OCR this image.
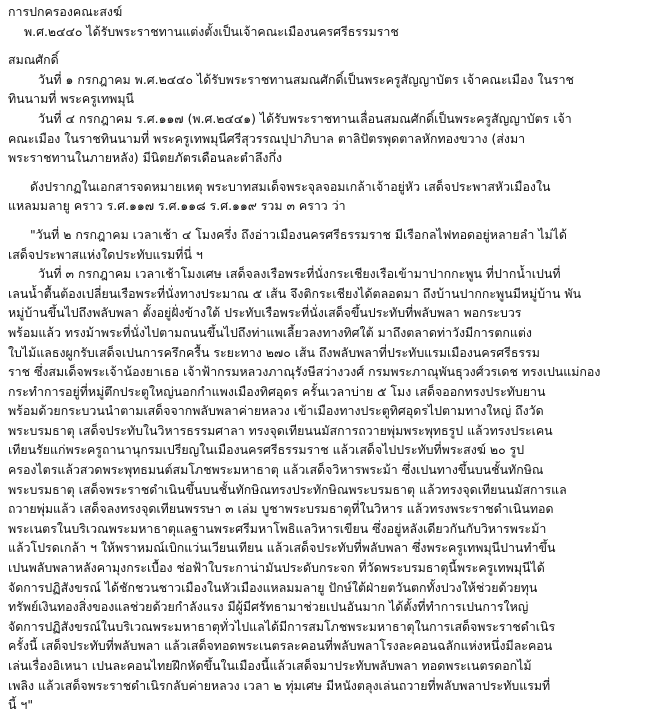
การปกครองคณะสงฆ์
พ.ศ.๒๔๔๐ ได้รับพระราชทานแต่งตั้งเป็นเจ้าคณะเมืองนครศรีธรรมราช
สมณศักดิ์
วันที่ ๑ กรกฎาคม พ.ศ.๒๔๔๐ ได้รับพระราชทานสมณศักดิ์เป็นพระครูสัญญาบัตร เจ้าคณะเมือง ในราช
ทินนามที่ พระครูเทพมุนี
วันที่ ๔ กรกฎาคม ร.ศ.๑๑๗ (พ.ศ.๒๔๔๑) ได้รับพระราชทานเลื่อนสมณศักดิ์เป็นพระครูสัญญาบัตร เจ้า
คณะเมือง ในราชทินนามที่ พระครูเทพมุนีศรีสุวรรณปุปาภิบาล ตาลิปัตรพุดตาลหักทองขวาง (ส่งมา
พระราชทานในภายหลัง) มีนิตยภัตรเดือนละตำลึงกึ่ง
ดังปรากฏในเอกสารจดหมายเหตุ พระบาทสมเด็จพระจุลจอมเกล้าเจ้าอยู่หัว เสด็จประพาสหัวเมืองใน
แหลมมลายู คราว ร.ศ.๑๑๗ ร.ศ.๑๑๘ ร.ศ.๑๑๙ รวม ๓ คราว ว่า
"วันที่ ๒ กรกฎาคม เวลาเช้า ๔ โมงครึ่ง ถึงอ่าวเมืองนครศรีธรรมราช มีเรือกลไฟทอดอยู่หลายลำ ไม่ได้
เสด็จประพาสแห่งใดประทับแรมที่นี่ ฯ
วันที่ ๓ กรกฎาคม เวลาเช้าโมงเศษ เสด็จลงเรือพระที่นั่งกระเชียงเรือเข้ามาปากกะพูน ที่ปากน้ำเปนที่
เลนน้ำตื้นต้องเปลี่ยนเรือพระที่นั่งทางประมาณ ๕ เส้น จึงติกระเชียงได้ตลอดมา ถึงบ้านปากกะพูนมีหมู่บ้าน พัน
หมู่บ้านขึ้นไปถึงพลับพลา ตั้งอยู่ฝั่งข้างใต้ ประทับเรือพระที่นั่งเสด็จขึ้นประทับที่พลับพลา พอกระบวร
พร้อมแล้ว ทรงม้าพระที่นั่งไปตามถนนขึ้นไปถึงท่าแพเลี้ยวลงทางทิศใต้ มาถึงตลาดท่าวังมีการตกแต่ง
ใบไม้แลธงผูกรับเสด็จเปนการครึกครื้น ระยะทาง ๒๗๐ เส้น ถึงพลับพลาที่ประทับแรมเมืองนครศรีธรรม
ราช ซึ่งสมเด็จพระเจ้าน้องยาเธอ เจ้าฟ้ากรมหลวงภาณุรังษีสว่างวงศ์ กรมพระภาณุพันธุวงศ์วรเดช ทรงเปนแม่กอง
กระทำการอยู่ที่หมู่ตึกประตูใหญ่นอกกำแพงเมืองทิศอุดร ครั้นเวลาบ่าย ๕ โมง เสด็จออกทรงประทับยาน
พร้อมด้วยกระบวนนำตามเสด็จจากพลับพลาค่ายหลวง เข้าเมืองทางประตูทิศอุดรไปตามทางใหญ่ ถึงวัด
พระบรมธาตุ เสด็จประทับในวิหารธรรมศาลา ทรงจุดเทียนนมัสการถวายพุ่มพระพุทธรูป แล้วทรงประเคน
เทียนรัยแก่พระครูถานานุกรมเปรียญในเมืองนครศรีธรรมราช แล้วเสด็จไปประทับที่พระสงฆ์ ๒๐ รูป
ครองไตรแล้วสวดพระพุทธมนต์สมโภชพระมหาธาตุ แล้วเสด็จวิหารพระม้า ซึ่งเปนทางขึ้นบนชั้นทักษิณ
พระบรมธาตุ เสด็จพระราชดำเนินขึ้นบนชั้นทักษิณทรงประทักษิณพระบรมธาตุ แล้วทรงจุดเทียนนมัสการแล
ถวายพุ่มแล้ว เสด็จลงทรงจุดเทียนพรรษา ๓ เล่ม บูชาพระบรมธาตุที่ในวิหาร แล้วทรงพระราชดำเนินทอด
พระเนตรในบริเวณพระมหาธาตุแลฐานพระศรีมหาโพธิแลวิหารเขียน ซึ่งอยู่หลังเดียวกันกับวิหารพระม้า
แล้วโปรดเกล้า ฯ ให้พราหมณ์เบิกแว่นเวียนเทียน แล้วเสด็จประทับที่พลับพลา ซึ่งพระครูเทพมุนีปานทำขึ้น
เปนพลับพลาหลังคามุงกระเบื้อง ช่อฟ้าใบระกาน่ามันประดับกระจก ที่วัดพระบรมธาตุนี้พระครูเทพมุนีได้
จัดการปฏิสังขรณ์ ได้ชักชวนชาวเมืองในหัวเมืองแหลมมลายู ปักษ์ใต้ฝ่ายตวันตกทั้งปวงให้ช่วยด้วยทุน
ทรัพย์เงินทองสิ่งของแลช่วยด้วยกำลังแรง มีผู้มีศรัทธามาช่วยเปนอันมาก ได้ตั้งที่ทำการเปนการใหญ่
จัดการปฏิสังขรณ์ในบริเวณพระมหาธาตุทั่วไปแลได้มีการสมโภชพระมหาธาตุในการเสด็จพระราชดำเนิร
ครั้งนี้ เสด็จประทับที่พลับพลา แล้วเสด็จทอดพระเนตรละคอนที่พลับพลาโรงละคอนฉลักแห่งหนึ่งมีละคอน
เล่นเรื่องอิเหนา เปนละคอนไทยฝึกหัดขึ้นในเมืองนี้แล้วเสด็จมาประทับพลับพลา ทอดพระเนตรดอกไม้
เพลิง แล้วเสด็จพระราชดำเนิรกลับค่ายหลวง เวลา ๒ ทุ่มเศษ มีหนังตลุงเล่นถวายที่พลับพลาประทับแรมที่
นี้ ฯ"
